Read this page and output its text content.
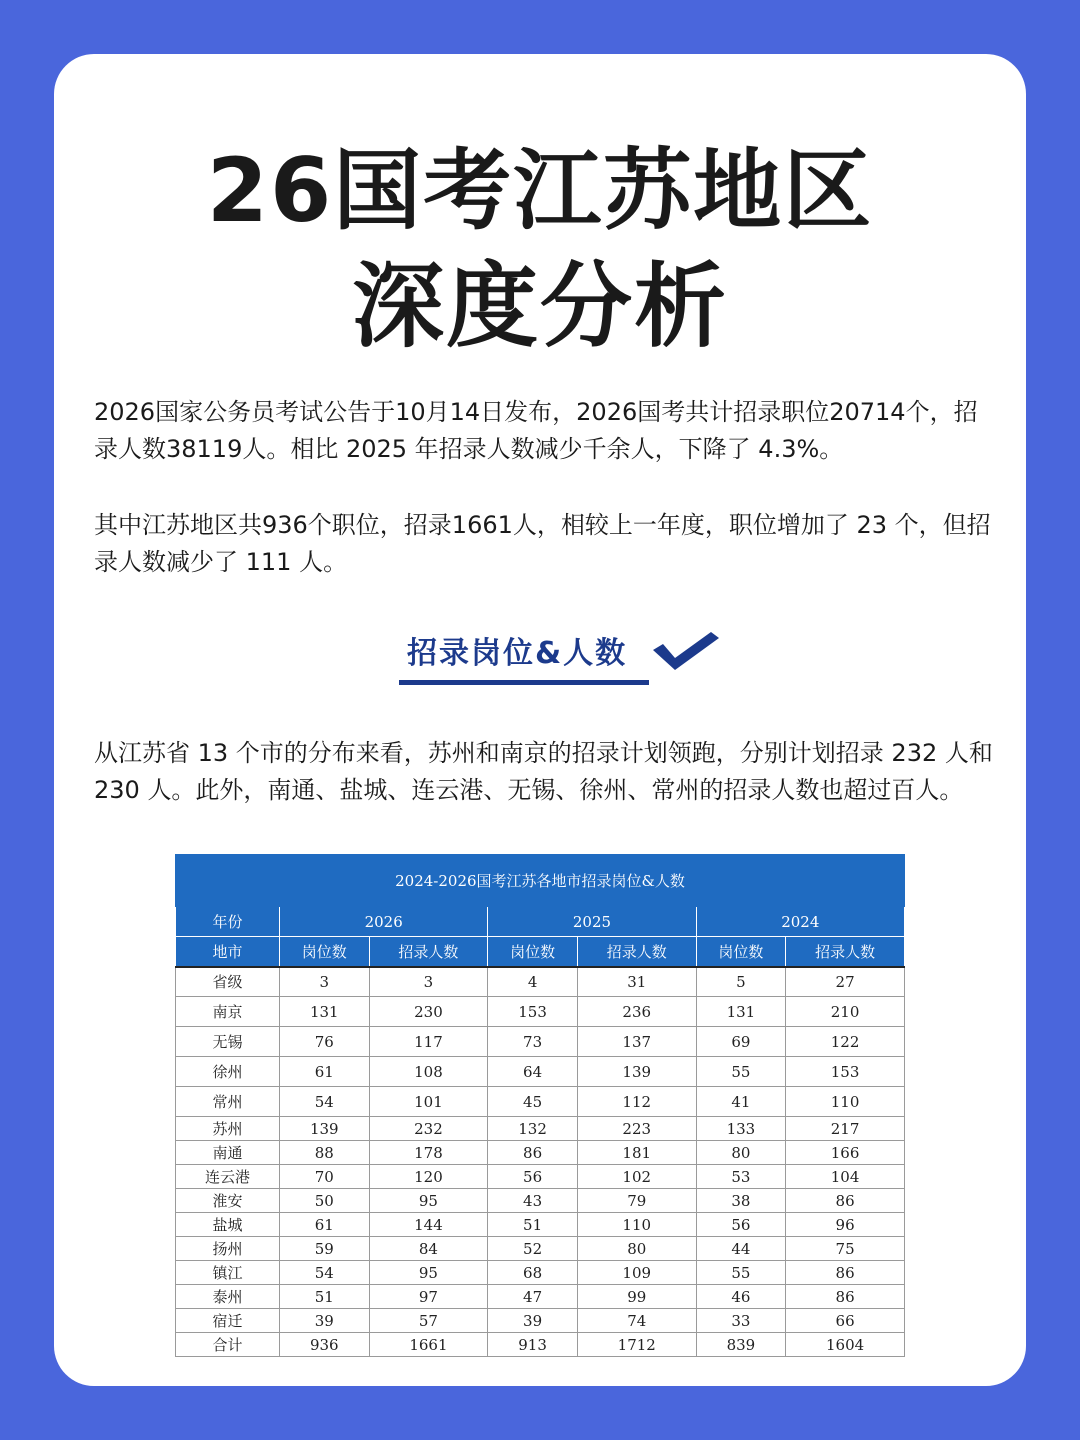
26国考江苏地区
深度分析

2026国家公务员考试公告于10月14日发布，2026国考共计招录职位20714个，招录人数38119人。相比 2025 年招录人数减少千余人，下降了 4.3%。

其中江苏地区共936个职位，招录1661人，相较上一年度，职位增加了 23 个，但招录人数减少了 111 人。

招录岗位&人数

从江苏省 13 个市的分布来看，苏州和南京的招录计划领跑，分别计划招录 232 人和 230 人。此外，南通、盐城、连云港、无锡、徐州、常州的招录人数也超过百人。

2024-2026国考江苏各地市招录岗位&人数						
年份	2026		2025		2024	
地市	岗位数	招录人数	岗位数	招录人数	岗位数	招录人数
省级	3	3	4	31	5	27
南京	131	230	153	236	131	210
无锡	76	117	73	137	69	122
徐州	61	108	64	139	55	153
常州	54	101	45	112	41	110
苏州	139	232	132	223	133	217
南通	88	178	86	181	80	166
连云港	70	120	56	102	53	104
淮安	50	95	43	79	38	86
盐城	61	144	51	110	56	96
扬州	59	84	52	80	44	75
镇江	54	95	68	109	55	86
泰州	51	97	47	99	46	86
宿迁	39	57	39	74	33	66
合计	936	1661	913	1712	839	1604
